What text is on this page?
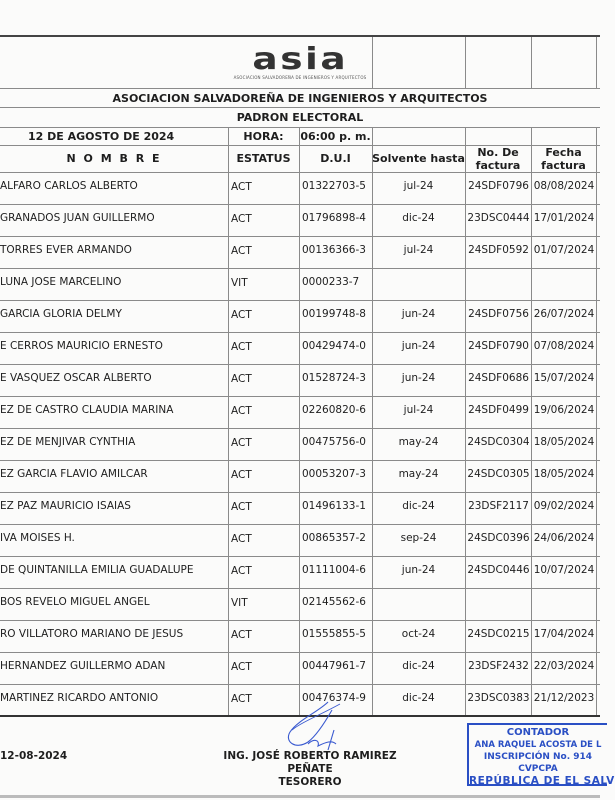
asia
ASOCIACION SALVADOREÑA DE INGENIEROS Y ARQUITECTOS
ASOCIACION SALVADOREÑA DE INGENIEROS Y ARQUITECTOS
PADRON ELECTORAL
12 DE AGOSTO DE 2024	HORA:	06:00 p. m.
N O M B R E	ESTATUS	D.U.I	Solvente hasta	No. De
factura
Fecha
factura
ALFARO CARLOS ALBERTO	ACT	01322703-5	jul-24	24SDF0796 08/08/2024
GRANADOS JUAN GUILLERMO	ACT	01796898-4	dic-24	23DSC0444 17/01/2024
TORRES EVER ARMANDO	ACT	00136366-3	jul-24	24SDF0592 01/07/2024
LUNA JOSE MARCELINO	VIT	0000233-7
GARCIA GLORIA DELMY	ACT	00199748-8	jun-24	24SDF0756 26/07/2024
E CERROS MAURICIO ERNESTO	ACT	00429474-0	jun-24	24SDF0790 07/08/2024
E VASQUEZ OSCAR ALBERTO	ACT	01528724-3	jun-24	24SDF0686 15/07/2024
EZ DE CASTRO CLAUDIA MARINA	ACT	02260820-6	jul-24	24SDF0499 19/06/2024
EZ DE MENJIVAR CYNTHIA	ACT	00475756-0	may-24	24SDC0304 18/05/2024
EZ GARCIA FLAVIO AMILCAR	ACT	00053207-3	may-24	24SDC0305 18/05/2024
EZ PAZ MAURICIO ISAIAS	ACT	01496133-1	dic-24	23DSF2117 09/02/2024
IVA MOISES H.	ACT	00865357-2	sep-24	24SDC0396 24/06/2024
DE QUINTANILLA EMILIA GUADALUPE	ACT	01111004-6	jun-24	24SDC0446 10/07/2024
BOS REVELO MIGUEL ANGEL	VIT	02145562-6
RO VILLATORO MARIANO DE JESUS	ACT	01555855-5	oct-24	24SDC0215 17/04/2024
HERNANDEZ GUILLERMO ADAN	ACT	00447961-7	dic-24	23DSF2432 22/03/2024
MARTINEZ RICARDO ANTONIO	ACT	00476374-9	dic-24	23DSC0383 21/12/2023
12-08-2024	ING. JOSÉ ROBERTO RAMIREZ PEÑATE
TESORERO
CONTADOR
ANA RAQUEL ACOSTA DE L
INSCRIPCIÓN No. 914
CVPCPA
REPÚBLICA DE EL SALV
